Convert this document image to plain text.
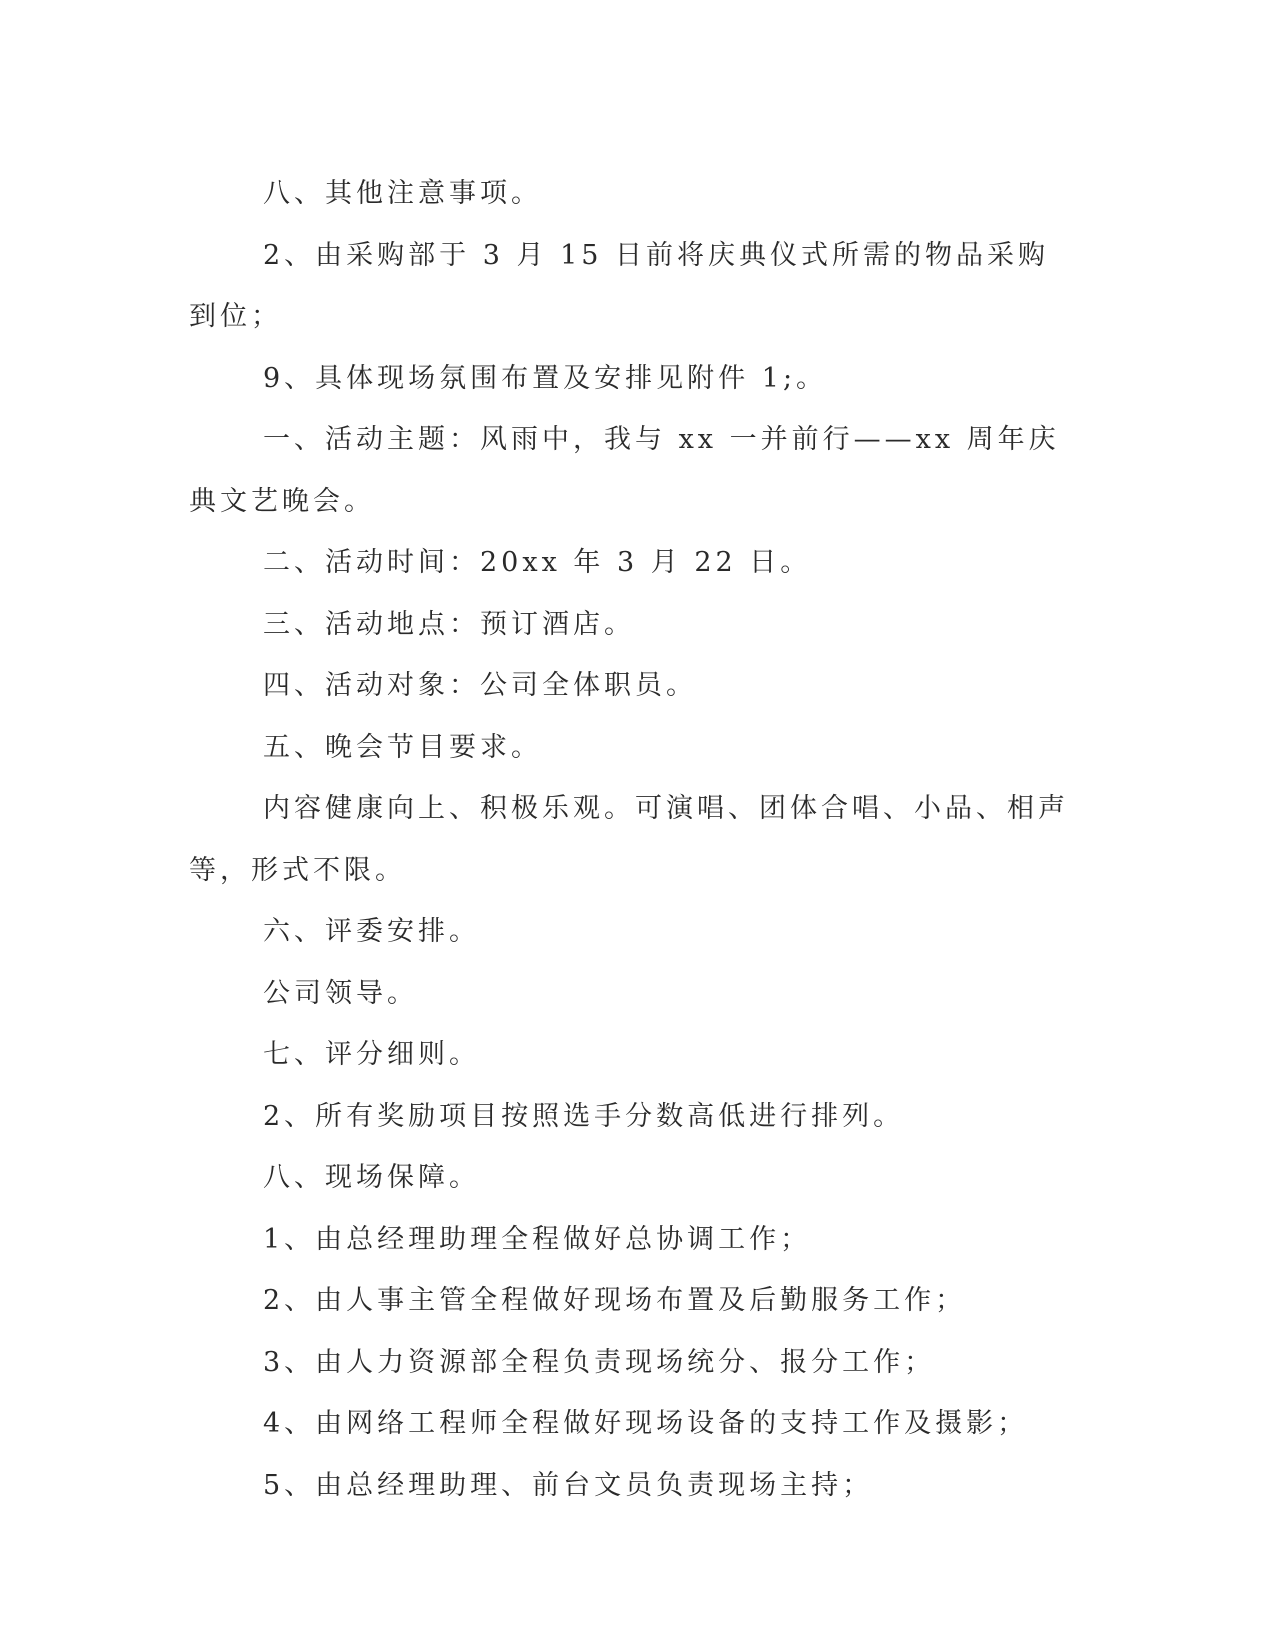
八、其他注意事项。

2、由采购部于 3 月 15 日前将庆典仪式所需的物品采购到位；

9、具体现场氛围布置及安排见附件 1;。

一、活动主题：风雨中，我与 xx 一并前行——xx 周年庆典文艺晚会。

二、活动时间：20xx 年 3 月 22 日。

三、活动地点：预订酒店。

四、活动对象：公司全体职员。

五、晚会节目要求。

内容健康向上、积极乐观。可演唱、团体合唱、小品、相声等，形式不限。

六、评委安排。

公司领导。

七、评分细则。

2、所有奖励项目按照选手分数高低进行排列。

八、现场保障。

1、由总经理助理全程做好总协调工作；

2、由人事主管全程做好现场布置及后勤服务工作；

3、由人力资源部全程负责现场统分、报分工作；

4、由网络工程师全程做好现场设备的支持工作及摄影；

5、由总经理助理、前台文员负责现场主持；
